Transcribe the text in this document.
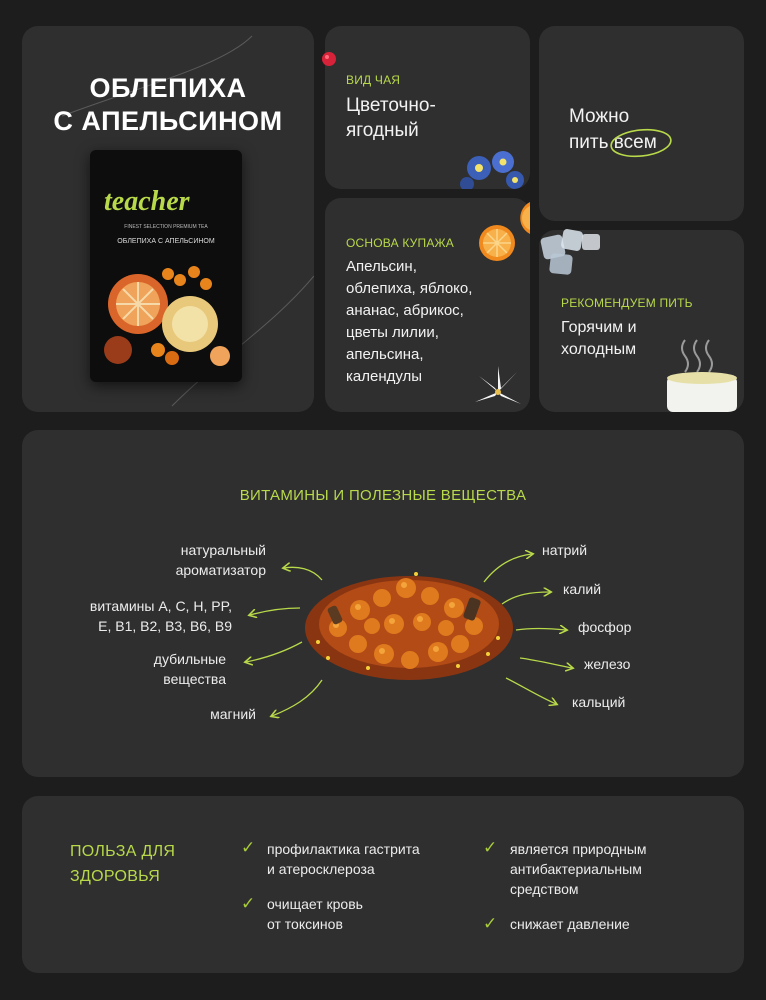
ОБЛЕПИХА
С АПЕЛЬСИНОМ
teacher
FINEST SELECTION PREMIUM TEA
ОБЛЕПИХА С АПЕЛЬСИНОМ
ВИД ЧАЯ
Цветочно-
ягодный
Можно
пить всем
ОСНОВА КУПАЖА
Апельсин,
облепиха, яблоко,
ананас, абрикос,
цветы лилии,
апельсина,
календулы
РЕКОМЕНДУЕМ ПИТЬ
Горячим и
холодным
ВИТАМИНЫ И ПОЛЕЗНЫЕ ВЕЩЕСТВА
натуральный
ароматизатор
витамины A, C, H, PP,
E, B1, B2, B3, B6, B9
дубильные
вещества
магний
натрий
калий
фосфор
железо
кальций
ПОЛЬЗА ДЛЯ
ЗДОРОВЬЯ
✓ профилактика гастрита
и атеросклероза
✓ очищает кровь
от токсинов
✓ является природным
антибактериальным
средством
✓ снижает давление
